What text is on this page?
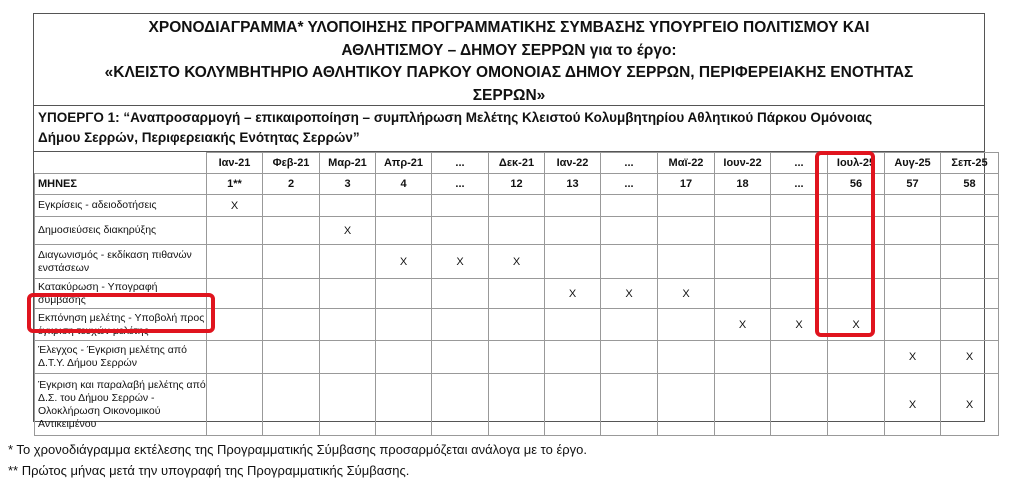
ΧΡΟΝΟΔΙΑΓΡΑΜΜΑ* ΥΛΟΠΟΙΗΣΗΣ ΠΡΟΓΡΑΜΜΑΤΙΚΗΣ ΣΥΜΒΑΣΗΣ ΥΠΟΥΡΓΕΙΟ ΠΟΛΙΤΙΣΜΟΥ ΚΑΙ
ΑΘΛΗΤΙΣΜΟΥ – ΔΗΜΟΥ ΣΕΡΡΩΝ για το έργο:
«ΚΛΕΙΣΤΟ ΚΟΛΥΜΒΗΤΗΡΙΟ ΑΘΛΗΤΙΚΟΥ ΠΑΡΚΟΥ ΟΜΟΝΟΙΑΣ ΔΗΜΟΥ ΣΕΡΡΩΝ, ΠΕΡΙΦΕΡΕΙΑΚΗΣ ΕΝΟΤΗΤΑΣ
ΣΕΡΡΩΝ»
ΥΠΟΕΡΓΟ 1: “Αναπροσαρμογή – επικαιροποίηση – συμπλήρωση Μελέτης Κλειστού Κολυμβητηρίου Αθλητικού Πάρκου Ομόνοιας
Δήμου Σερρών, Περιφερειακής Ενότητας Σερρών”
	Ιαν-21	Φεβ-21	Μαρ-21	Απρ-21	...	Δεκ-21	Ιαν-22	...	Μαϊ-22	Ιουν-22	...	Ιουλ-25	Αυγ-25	Σεπ-25
ΜΗΝΕΣ	1**	2	3	4	...	12	13	...	17	18	...	56	57	58
Εγκρίσεις - αδειοδοτήσεις	X													
Δημοσιεύσεις διακηρύξης			X											
Διαγωνισμός - εκδίκαση πιθανών ενστάσεων				X	X	X								
Κατακύρωση - Υπογραφή σύμβασης							X	X	X					
Εκπόνηση μελέτης - Υποβολή προς έγκριση τευχών μελέτης										X	X	X		
Έλεγχος - Έγκριση μελέτης από Δ.Τ.Υ. Δήμου Σερρών													X	X
Έγκριση και παραλαβή μελέτης από Δ.Σ. του Δήμου Σερρών - Ολοκλήρωση Οικονομικού Αντικειμένου													X	X
* Το χρονοδιάγραμμα εκτέλεσης της Προγραμματικής Σύμβασης προσαρμόζεται ανάλογα με το έργο.
** Πρώτος μήνας μετά την υπογραφή της Προγραμματικής Σύμβασης.
